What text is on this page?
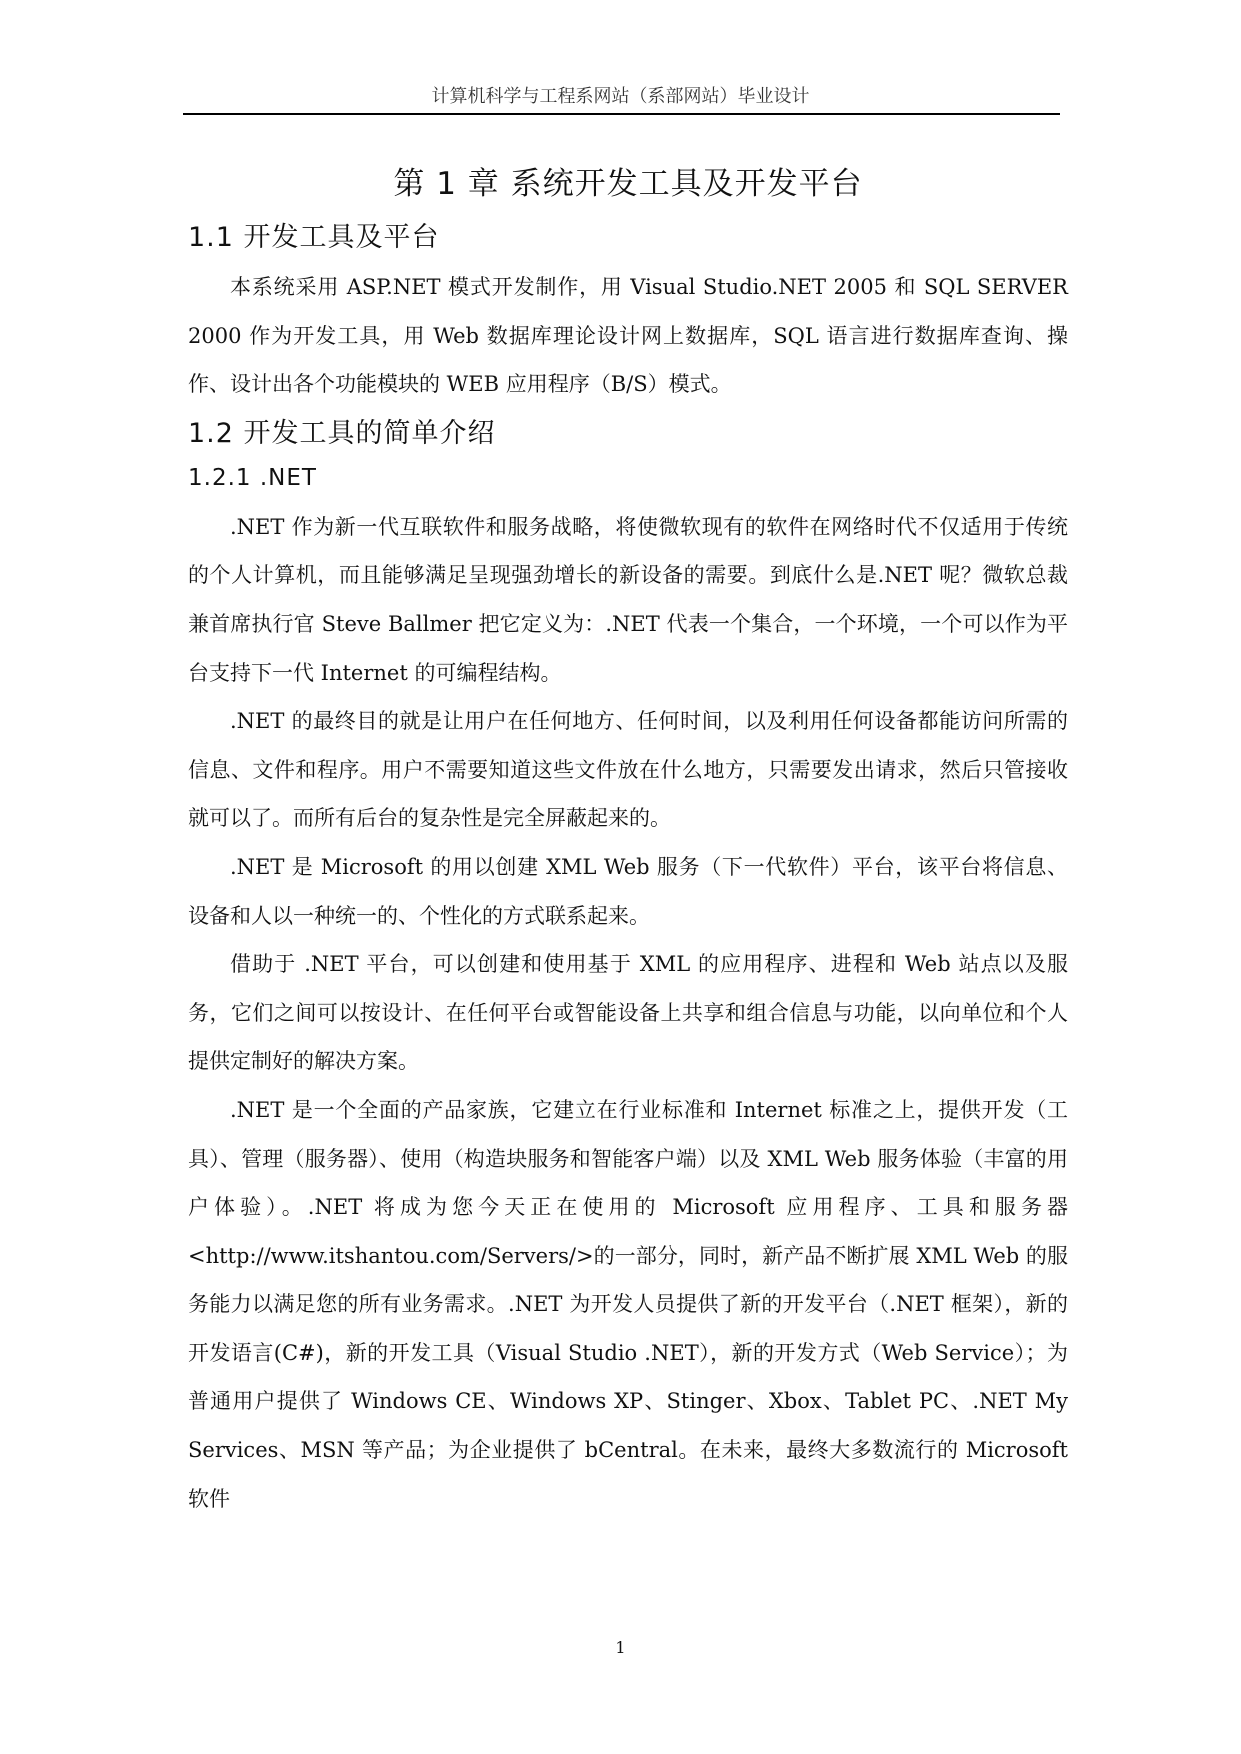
计算机科学与工程系网站（系部网站）毕业设计
第 1 章 系统开发工具及开发平台
1.1 开发工具及平台

本系统采用 ASP.NET 模式开发制作，用 Visual Studio.NET 2005 和 SQL SERVER 2000 作为开发工具，用 Web 数据库理论设计网上数据库，SQL 语言进行数据库查询、操作、设计出各个功能模块的 WEB 应用程序（B/S）模式。

1.2 开发工具的简单介绍
1.2.1 .NET

.NET 作为新一代互联软件和服务战略，将使微软现有的软件在网络时代不仅适用于传统的个人计算机，而且能够满足呈现强劲增长的新设备的需要。到底什么是.NET 呢？微软总裁兼首席执行官 Steve Ballmer 把它定义为：.NET 代表一个集合，一个环境，一个可以作为平台支持下一代 Internet 的可编程结构。

.NET 的最终目的就是让用户在任何地方、任何时间，以及利用任何设备都能访问所需的信息、文件和程序。用户不需要知道这些文件放在什么地方，只需要发出请求，然后只管接收就可以了。而所有后台的复杂性是完全屏蔽起来的。

.NET 是 Microsoft 的用以创建 XML Web 服务（下一代软件）平台，该平台将信息、设备和人以一种统一的、个性化的方式联系起来。

借助于 .NET 平台，可以创建和使用基于 XML 的应用程序、进程和 Web 站点以及服务，它们之间可以按设计、在任何平台或智能设备上共享和组合信息与功能，以向单位和个人提供定制好的解决方案。

.NET 是一个全面的产品家族，它建立在行业标准和 Internet 标准之上，提供开发（工具）、管理（服务器）、使用（构造块服务和智能客户端）以及 XML Web 服务体验（丰富的用户体验）。.NET 将成为您今天正在使用的 Microsoft 应用程序、工具和服务器 <http://www.itshantou.com/Servers/>的一部分，同时，新产品不断扩展 XML Web 的服务能力以满足您的所有业务需求。.NET 为开发人员提供了新的开发平台（.NET 框架），新的开发语言(C#)，新的开发工具（Visual Studio .NET），新的开发方式（Web Service）；为普通用户提供了 Windows CE、Windows XP、Stinger、Xbox、Tablet PC、.NET My Services、MSN 等产品；为企业提供了 bCentral。在未来，最终大多数流行的 Microsoft 软件

1
